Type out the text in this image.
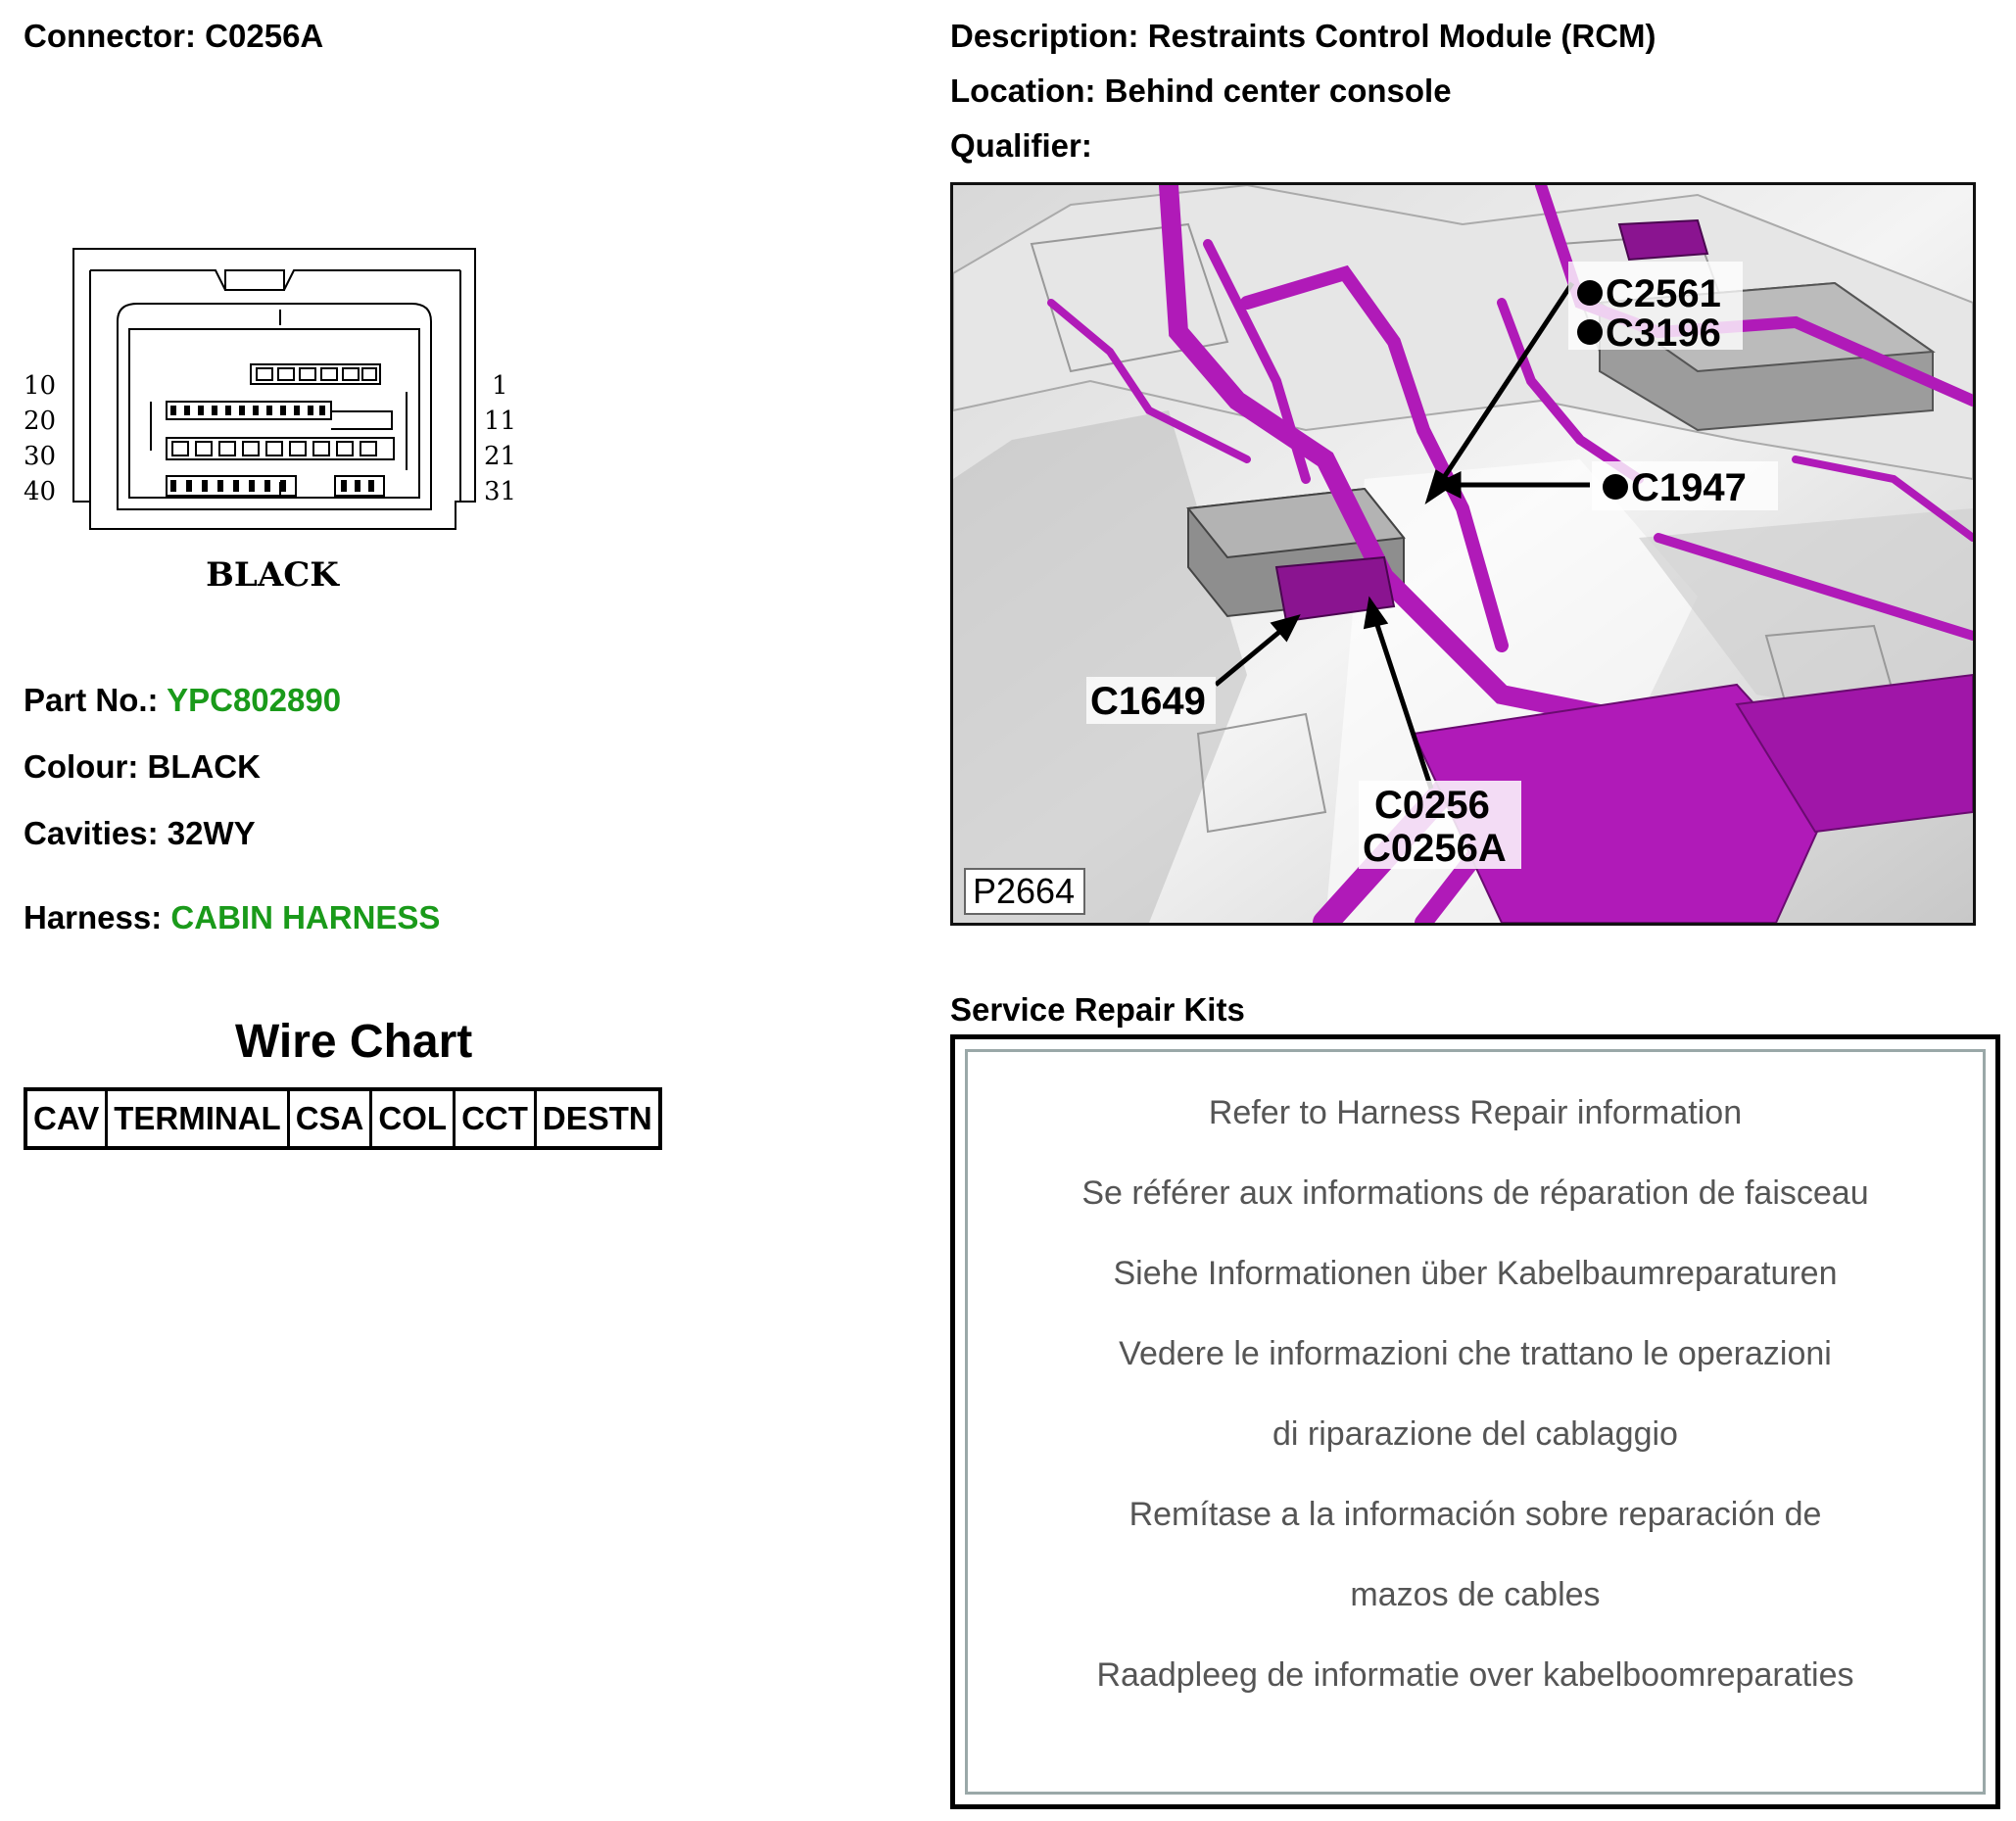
Connector: C0256A	Description: Restraints Control Module (RCM)
Location: Behind center console
Qualifier:
10
20
30
40
1
11
21
31
BLACK
Part No.: YPC802890
Colour: BLACK
Cavities: 32WY
Harness: CABIN HARNESS
Wire Chart
CAV	TERMINAL	CSA	COL	CCT	DESTN
C2561
C3196
C1947
C1649
C0256
C0256A
P2664
Service Repair Kits
Refer to Harness Repair information
Se référer aux informations de réparation de faisceau
Siehe Informationen über Kabelbaumreparaturen
Vedere le informazioni che trattano le operazioni
di riparazione del cablaggio
Remítase a la información sobre reparación de
mazos de cables
Raadpleeg de informatie over kabelboomreparaties
